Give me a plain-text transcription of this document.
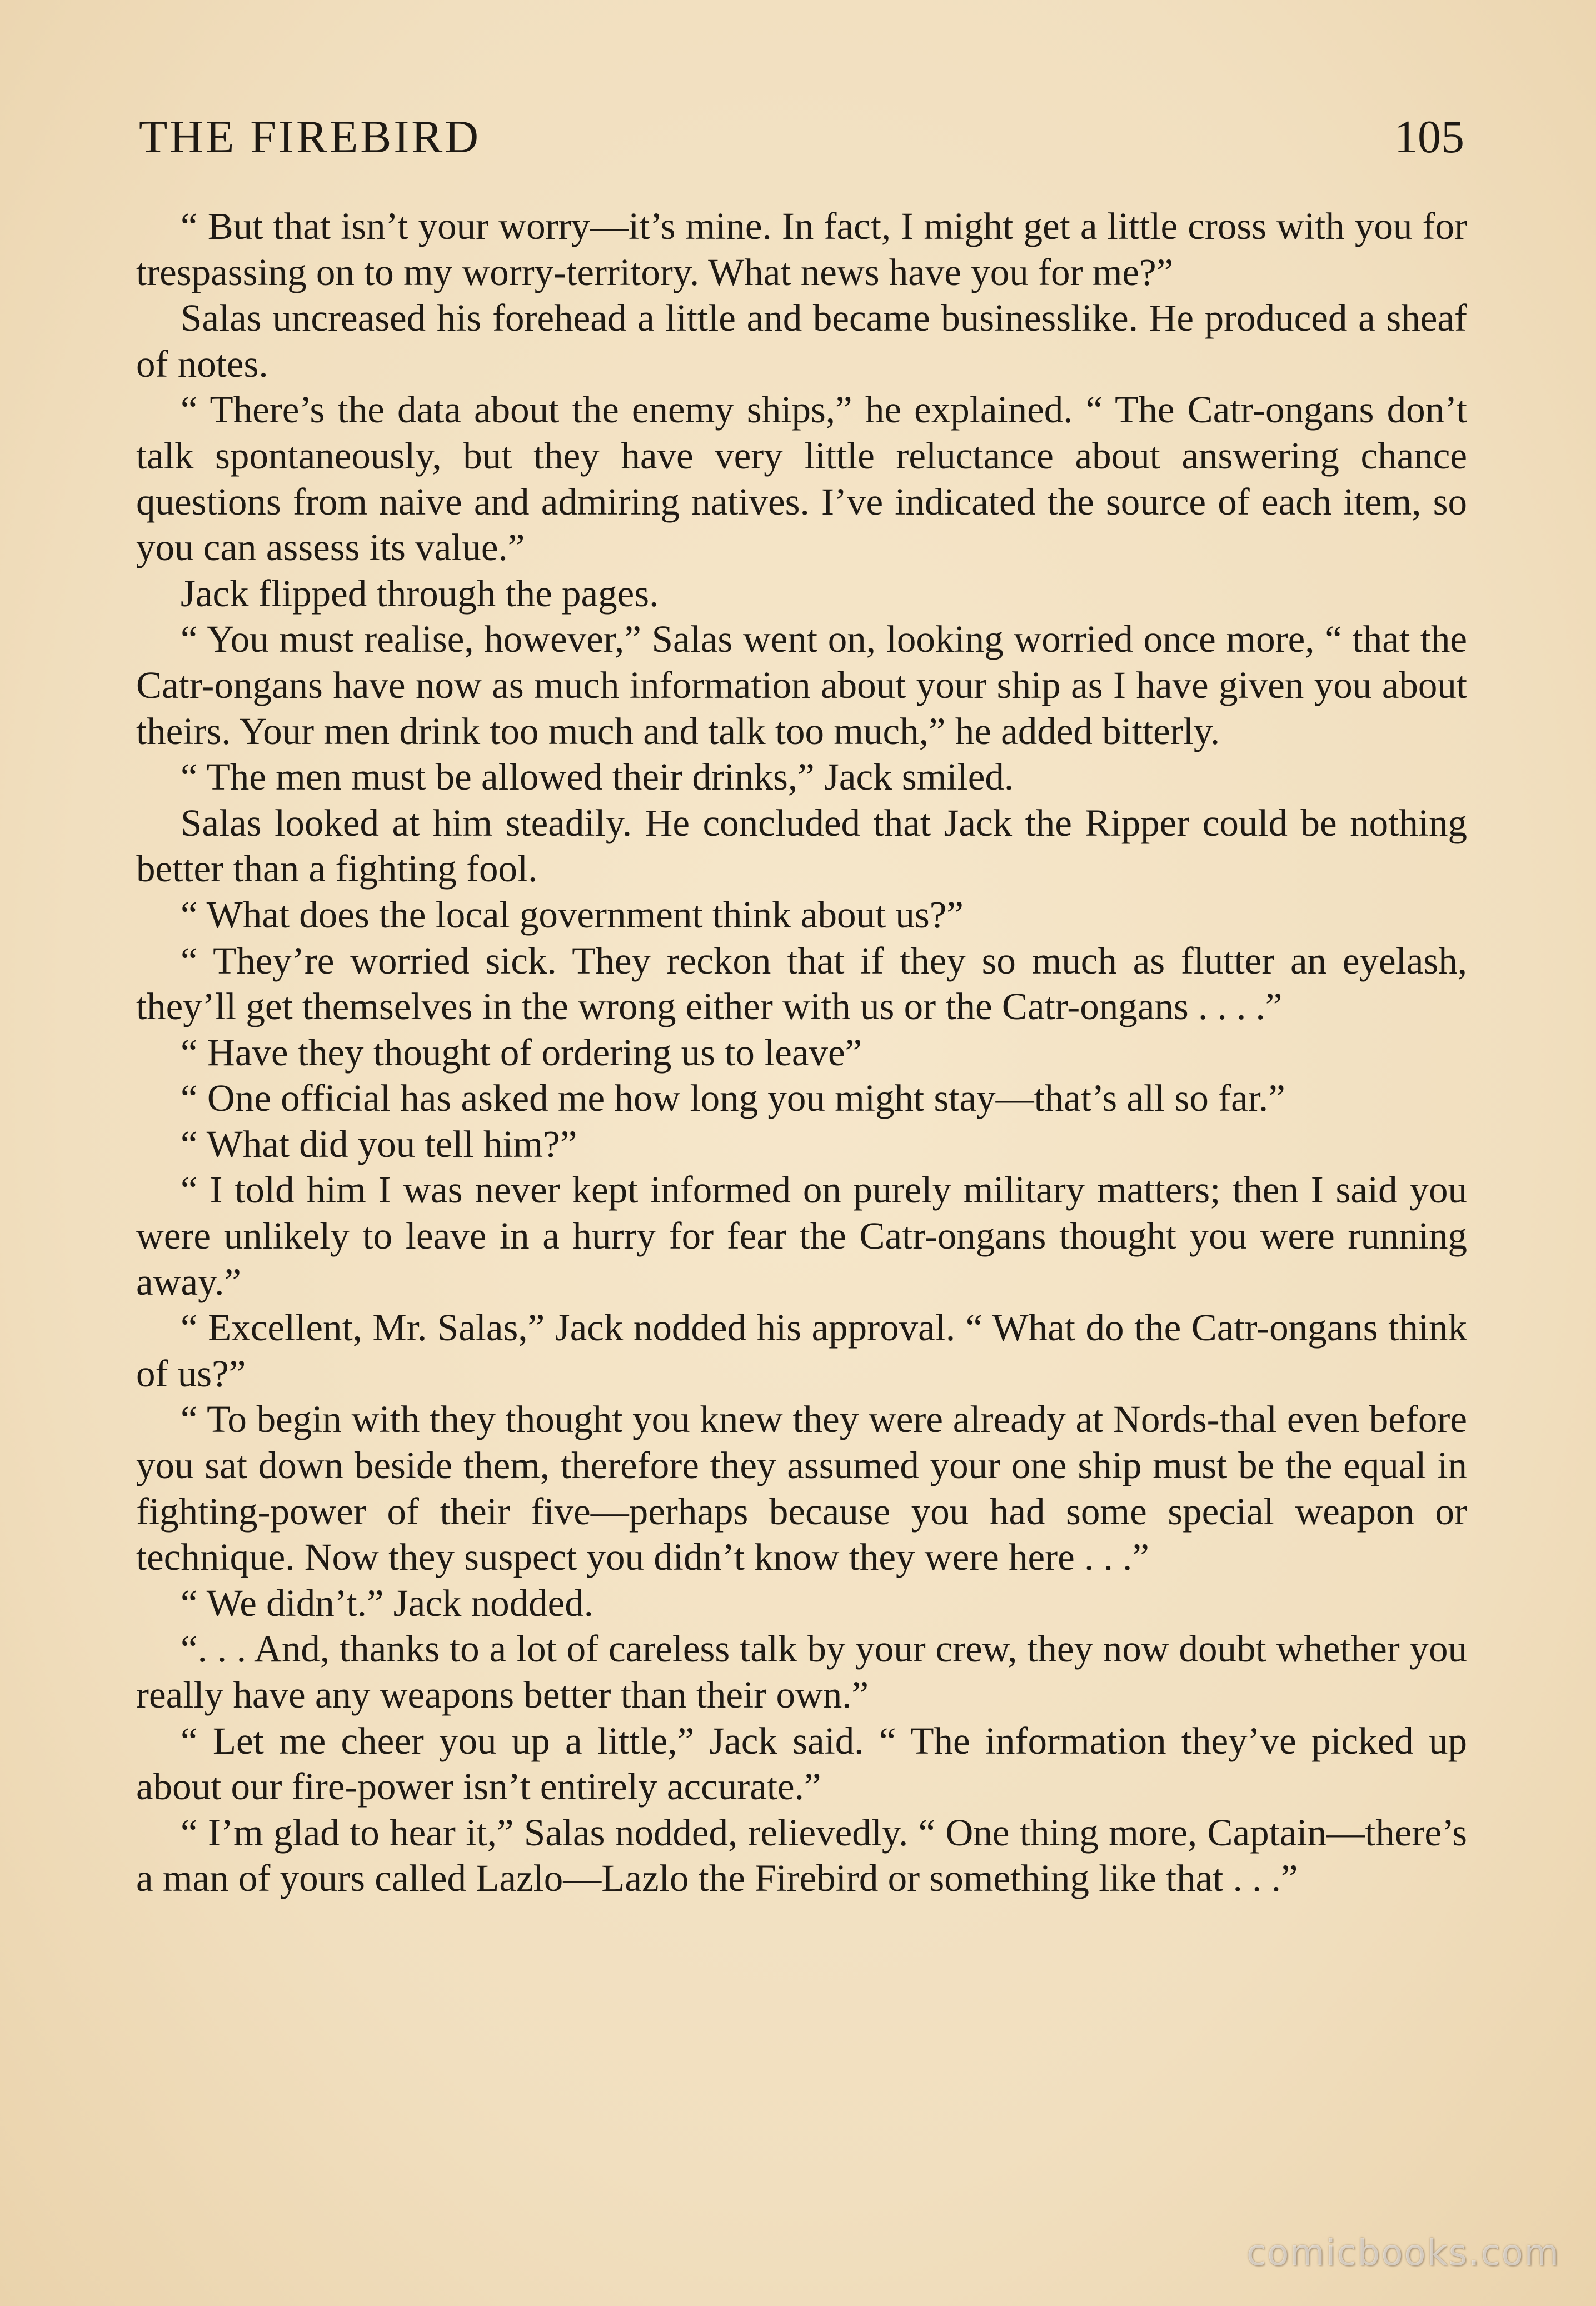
THE FIREBIRD	105

“ But that isn’t your worry—it’s mine. In fact, I might get a little cross with you for trespassing on to my worry-territory. What news have you for me?”

Salas uncreased his forehead a little and became businesslike. He produced a sheaf of notes.

“ There’s the data about the enemy ships,” he explained. “ The Catr-ongans don’t talk spontaneously, but they have very little reluctance about answering chance questions from naive and admiring natives. I’ve indicated the source of each item, so you can assess its value.”

Jack flipped through the pages.

“ You must realise, however,” Salas went on, looking worried once more, “ that the Catr-ongans have now as much information about your ship as I have given you about theirs. Your men drink too much and talk too much,” he added bitterly.

“ The men must be allowed their drinks,” Jack smiled.

Salas looked at him steadily. He concluded that Jack the Ripper could be nothing better than a fighting fool.

“ What does the local government think about us?”

“ They’re worried sick. They reckon that if they so much as flutter an eyelash, they’ll get themselves in the wrong either with us or the Catr-ongans . . . .”

“ Have they thought of ordering us to leave”

“ One official has asked me how long you might stay—that’s all so far.”

“ What did you tell him?”

“ I told him I was never kept informed on purely military matters; then I said you were unlikely to leave in a hurry for fear the Catr-ongans thought you were running away.”

“ Excellent, Mr. Salas,” Jack nodded his approval. “ What do the Catr-ongans think of us?”

“ To begin with they thought you knew they were already at Nords-thal even before you sat down beside them, therefore they assumed your one ship must be the equal in fighting-power of their five—perhaps because you had some special weapon or technique. Now they suspect you didn’t know they were here . . .”

“ We didn’t.” Jack nodded.

“. . . And, thanks to a lot of careless talk by your crew, they now doubt whether you really have any weapons better than their own.”

“ Let me cheer you up a little,” Jack said. “ The information they’ve picked up about our fire-power isn’t entirely accurate.”

“ I’m glad to hear it,” Salas nodded, relievedly. “ One thing more, Captain—there’s a man of yours called Lazlo—Lazlo the Firebird or something like that . . .”

comicbooks.com
